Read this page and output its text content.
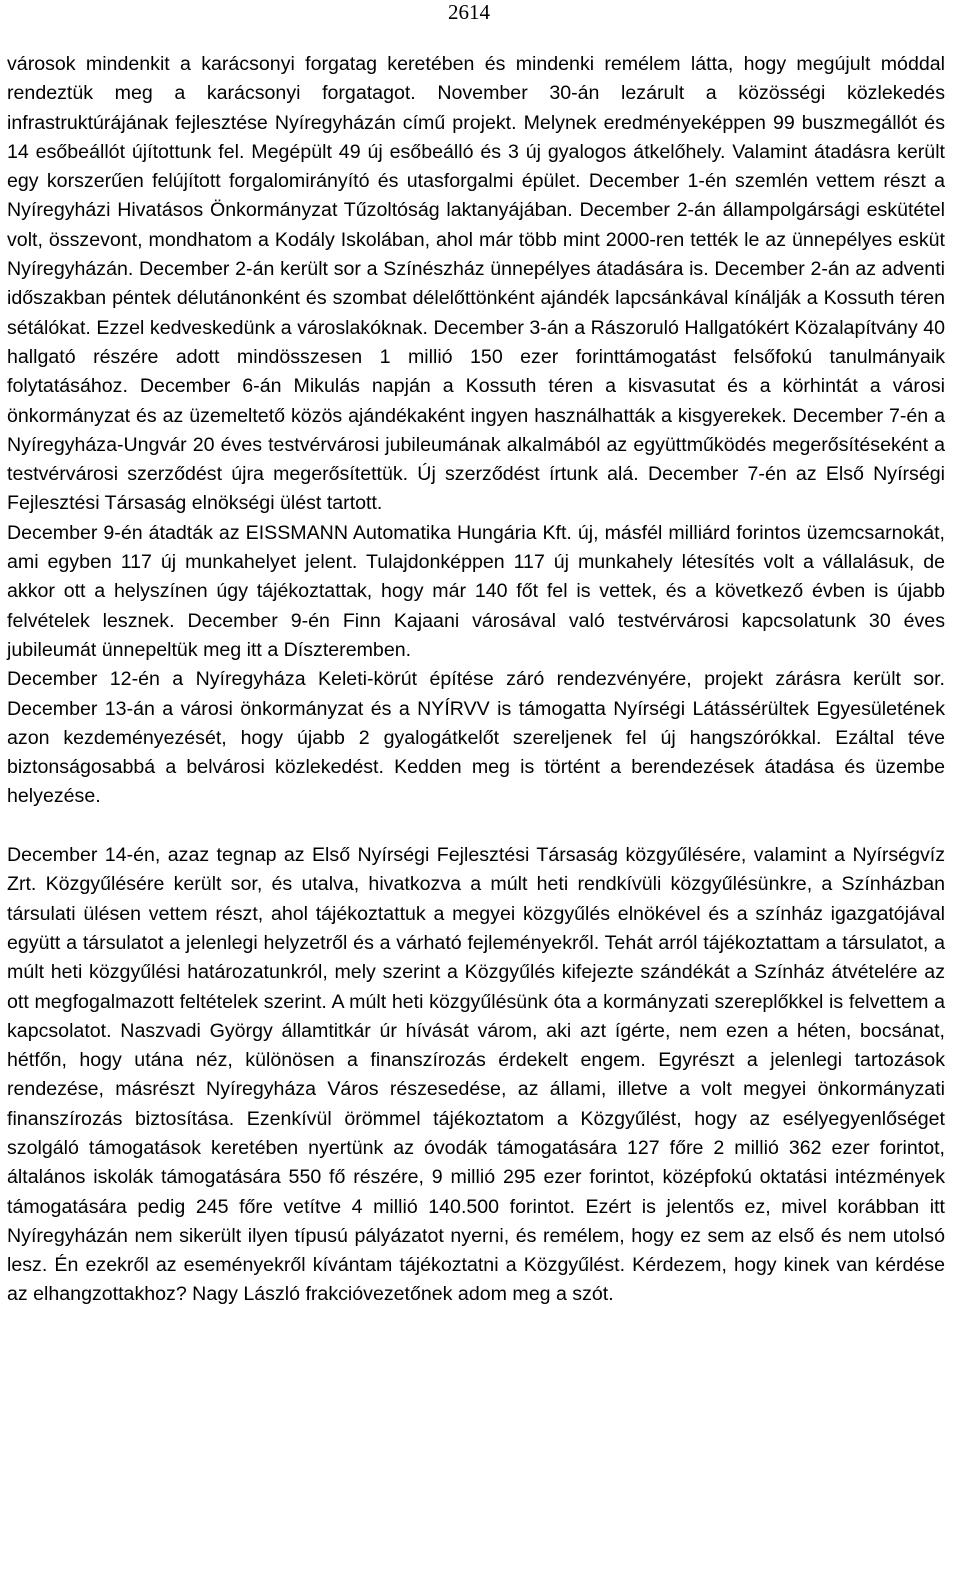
2614

városok mindenkit a karácsonyi forgatag keretében és mindenki remélem látta, hogy megújult móddal rendeztük meg a karácsonyi forgatagot. November 30-án lezárult a közösségi közlekedés infrastruktúrájának fejlesztése Nyíregyházán című projekt. Melynek eredményeképpen 99 buszmegállót és 14 esőbeállót újítottunk fel. Megépült 49 új esőbeálló és 3 új gyalogos átkelőhely. Valamint átadásra került egy korszerűen felújított forgalomirányító és utasforgalmi épület. December 1-én szemlén vettem részt a Nyíregyházi Hivatásos Önkormányzat Tűzoltóság laktanyájában. December 2-án állampolgársági eskütétel volt, összevont, mondhatom a Kodály Iskolában, ahol már több mint 2000-ren tették le az ünnepélyes esküt Nyíregyházán. December 2-án került sor a Színészház ünnepélyes átadására is. December 2-án az adventi időszakban péntek délutánonként és szombat délelőttönként ajándék lapcsánkával kínálják a Kossuth téren sétálókat. Ezzel kedveskedünk a városlakóknak. December 3-án a Rászoruló Hallgatókért Közalapítvány 40 hallgató részére adott mindösszesen 1 millió 150 ezer forinttámogatást felsőfokú tanulmányaik folytatásához. December 6-án Mikulás napján a Kossuth téren a kisvasutat és a körhintát a városi önkormányzat és az üzemeltető közös ajándékaként ingyen használhatták a kisgyerekek. December 7-én a Nyíregyháza-Ungvár 20 éves testvérvárosi jubileumának alkalmából az együttműködés megerősítéseként a testvérvárosi szerződést újra megerősítettük. Új szerződést írtunk alá. December 7-én az Első Nyírségi Fejlesztési Társaság elnökségi ülést tartott.

December 9-én átadták az EISSMANN Automatika Hungária Kft. új, másfél milliárd forintos üzemcsarnokát, ami egyben 117 új munkahelyet jelent. Tulajdonképpen 117 új munkahely létesítés volt a vállalásuk, de akkor ott a helyszínen úgy tájékoztattak, hogy már 140 főt fel is vettek, és a következő évben is újabb felvételek lesznek. December 9-én Finn Kajaani városával való testvérvárosi kapcsolatunk 30 éves jubileumát ünnepeltük meg itt a Díszteremben.

December 12-én a Nyíregyháza Keleti-körút építése záró rendezvényére, projekt zárásra került sor. December 13-án a városi önkormányzat és a NYÍRVV is támogatta Nyírségi Látássérültek Egyesületének azon kezdeményezését, hogy újabb 2 gyalogátkelőt szereljenek fel új hangszórókkal. Ezáltal téve biztonságosabbá a belvárosi közlekedést. Kedden meg is történt a berendezések átadása és üzembe helyezése.

December 14-én, azaz tegnap az Első Nyírségi Fejlesztési Társaság közgyűlésére, valamint a Nyírségvíz Zrt. Közgyűlésére került sor, és utalva, hivatkozva a múlt heti rendkívüli közgyűlésünkre, a Színházban társulati ülésen vettem részt, ahol tájékoztattuk a megyei közgyűlés elnökével és a színház igazgatójával együtt a társulatot a jelenlegi helyzetről és a várható fejleményekről. Tehát arról tájékoztattam a társulatot, a múlt heti közgyűlési határozatunkról, mely szerint a Közgyűlés kifejezte szándékát a Színház átvételére az ott megfogalmazott feltételek szerint. A múlt heti közgyűlésünk óta a kormányzati szereplőkkel is felvettem a kapcsolatot. Naszvadi György államtitkár úr hívását várom, aki azt ígérte, nem ezen a héten, bocsánat, hétfőn, hogy utána néz, különösen a finanszírozás érdekelt engem. Egyrészt a jelenlegi tartozások rendezése, másrészt Nyíregyháza Város részesedése, az állami, illetve a volt megyei önkormányzati finanszírozás biztosítása. Ezenkívül örömmel tájékoztatom a Közgyűlést, hogy az esélyegyenlőséget szolgáló támogatások keretében nyertünk az óvodák támogatására 127 főre 2 millió 362 ezer forintot, általános iskolák támogatására 550 fő részére, 9 millió 295 ezer forintot, középfokú oktatási intézmények támogatására pedig 245 főre vetítve 4 millió 140.500 forintot. Ezért is jelentős ez, mivel korábban itt Nyíregyházán nem sikerült ilyen típusú pályázatot nyerni, és remélem, hogy ez sem az első és nem utolsó lesz. Én ezekről az eseményekről kívántam tájékoztatni a Közgyűlést. Kérdezem, hogy kinek van kérdése az elhangzottakhoz? Nagy László frakcióvezetőnek adom meg a szót.
